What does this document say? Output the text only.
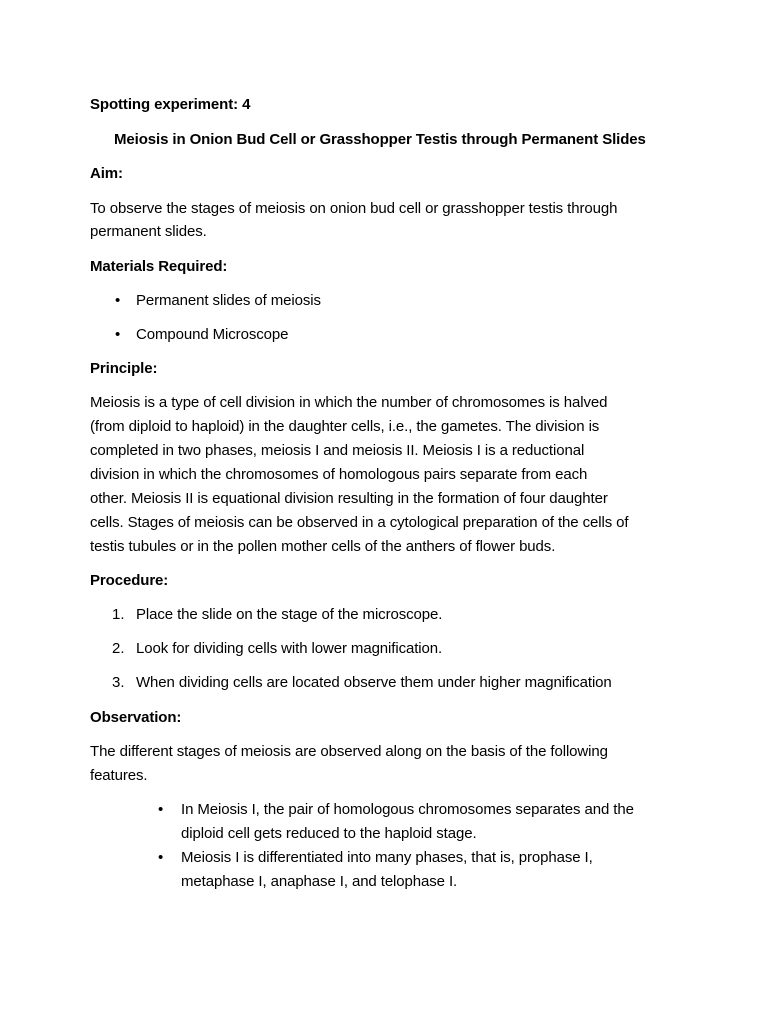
Spotting experiment: 4
Meiosis in Onion Bud Cell or Grasshopper Testis through Permanent Slides
Aim:
To observe the stages of meiosis on onion bud cell or grasshopper testis through
permanent slides.
Materials Required:
• Permanent slides of meiosis
• Compound Microscope
Principle:
Meiosis is a type of cell division in which the number of chromosomes is halved
(from diploid to haploid) in the daughter cells, i.e., the gametes. The division is
completed in two phases, meiosis I and meiosis II. Meiosis I is a reductional
division in which the chromosomes of homologous pairs separate from each
other. Meiosis II is equational division resulting in the formation of four daughter
cells. Stages of meiosis can be observed in a cytological preparation of the cells of
testis tubules or in the pollen mother cells of the anthers of flower buds.
Procedure:
1. Place the slide on the stage of the microscope.
2. Look for dividing cells with lower magnification.
3. When dividing cells are located observe them under higher magnification
Observation:
The different stages of meiosis are observed along on the basis of the following
features.
• In Meiosis I, the pair of homologous chromosomes separates and the
diploid cell gets reduced to the haploid stage.
• Meiosis I is differentiated into many phases, that is, prophase I,
metaphase I, anaphase I, and telophase I.
